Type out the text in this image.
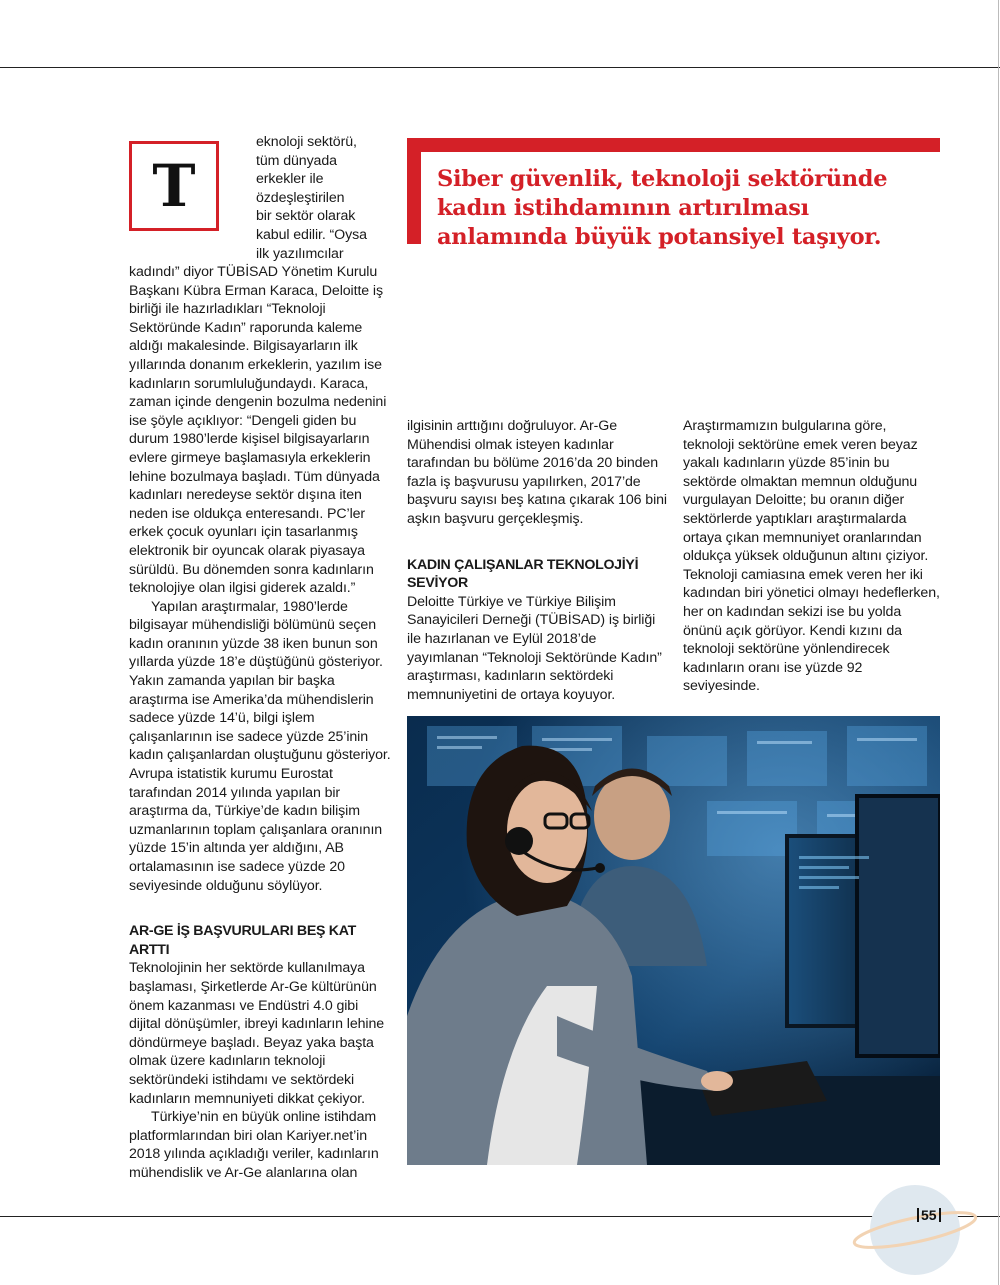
T

eknoloji sektörü,

tüm dünyada

erkekler ile

özdeşleştirilen

bir sektör olarak

kabul edilir. “Oysa

ilk yazılımcılar

kadındı” diyor TÜBİSAD Yönetim Kurulu Başkanı Kübra Erman Karaca, Deloitte iş birliği ile hazırladıkları “Teknoloji Sektöründe Kadın” raporunda kaleme aldığı makalesinde. Bilgisayarların ilk yıllarında donanım erkeklerin, yazılım ise kadınların sorumluluğundaydı. Karaca, zaman içinde dengenin bozulma nedenini ise şöyle açıklıyor: “Dengeli giden bu durum 1980’lerde kişisel bilgisayarların evlere girmeye başlamasıyla erkeklerin lehine bozulmaya başladı. Tüm dünyada kadınları neredeyse sektör dışına iten neden ise oldukça enteresandı. PC’ler erkek çocuk oyunları için tasarlanmış elektronik bir oyuncak olarak piyasaya sürüldü. Bu dönemden sonra kadınların teknolojiye olan ilgisi giderek azaldı.”

Yapılan araştırmalar, 1980’lerde bilgisayar mühendisliği bölümünü seçen kadın oranının yüzde 38 iken bunun son yıllarda yüzde 18’e düştüğünü gösteriyor. Yakın zamanda yapılan bir başka araştırma ise Amerika’da mühendislerin sadece yüzde 14’ü, bilgi işlem çalışanlarının ise sadece yüzde 25’inin kadın çalışanlardan oluştuğunu gösteriyor. Avrupa istatistik kurumu Eurostat tarafından 2014 yılında yapılan bir araştırma da, Türkiye’de kadın bilişim uzmanlarının toplam çalışanlara oranının yüzde 15’in altında yer aldığını, AB ortalamasının ise sadece yüzde 20 seviyesinde olduğunu söylüyor.

AR-GE İŞ BAŞVURULARI BEŞ KAT ARTTI

Teknolojinin her sektörde kullanılmaya başlaması, Şirketlerde Ar-Ge kültürünün önem kazanması ve Endüstri 4.0 gibi dijital dönüşümler, ibreyi kadınların lehine döndürmeye başladı. Beyaz yaka başta olmak üzere kadınların teknoloji sektöründeki istihdamı ve sektördeki kadınların memnuniyeti dikkat çekiyor.

Türkiye’nin en büyük online istihdam platformlarından biri olan Kariyer.net’in 2018 yılında açıkladığı veriler, kadınların mühendislik ve Ar-Ge alanlarına olan

Siber güvenlik, teknoloji sektöründe kadın istihdamının artırılması anlamında büyük potansiyel taşıyor.

ilgisinin arttığını doğruluyor. Ar-Ge Mühendisi olmak isteyen kadınlar tarafından bu bölüme 2016’da 20 binden fazla iş başvurusu yapılırken, 2017’de başvuru sayısı beş katına çıkarak 106 bini aşkın başvuru gerçekleşmiş.

KADIN ÇALIŞANLAR TEKNOLOJİYİ SEVİYOR

Deloitte Türkiye ve Türkiye Bilişim Sanayicileri Derneği (TÜBİSAD) iş birliği ile hazırlanan ve Eylül 2018’de yayımlanan “Teknoloji Sektöründe Kadın” araştırması, kadınların sektördeki memnuniyetini de ortaya koyuyor.

Araştırmamızın bulgularına göre, teknoloji sektörüne emek veren beyaz yakalı kadınların yüzde 85’inin bu sektörde olmaktan memnun olduğunu vurgulayan Deloitte; bu oranın diğer sektörlerde yaptıkları araştırmalarda ortaya çıkan memnuniyet oranlarından oldukça yüksek olduğunun altını çiziyor. Teknoloji camiasına emek veren her iki kadından biri yönetici olmayı hedeflerken, her on kadından sekizi ise bu yolda önünü açık görüyor. Kendi kızını da teknoloji sektörüne yönlendirecek kadınların oranı ise yüzde 92 seviyesinde.

55
